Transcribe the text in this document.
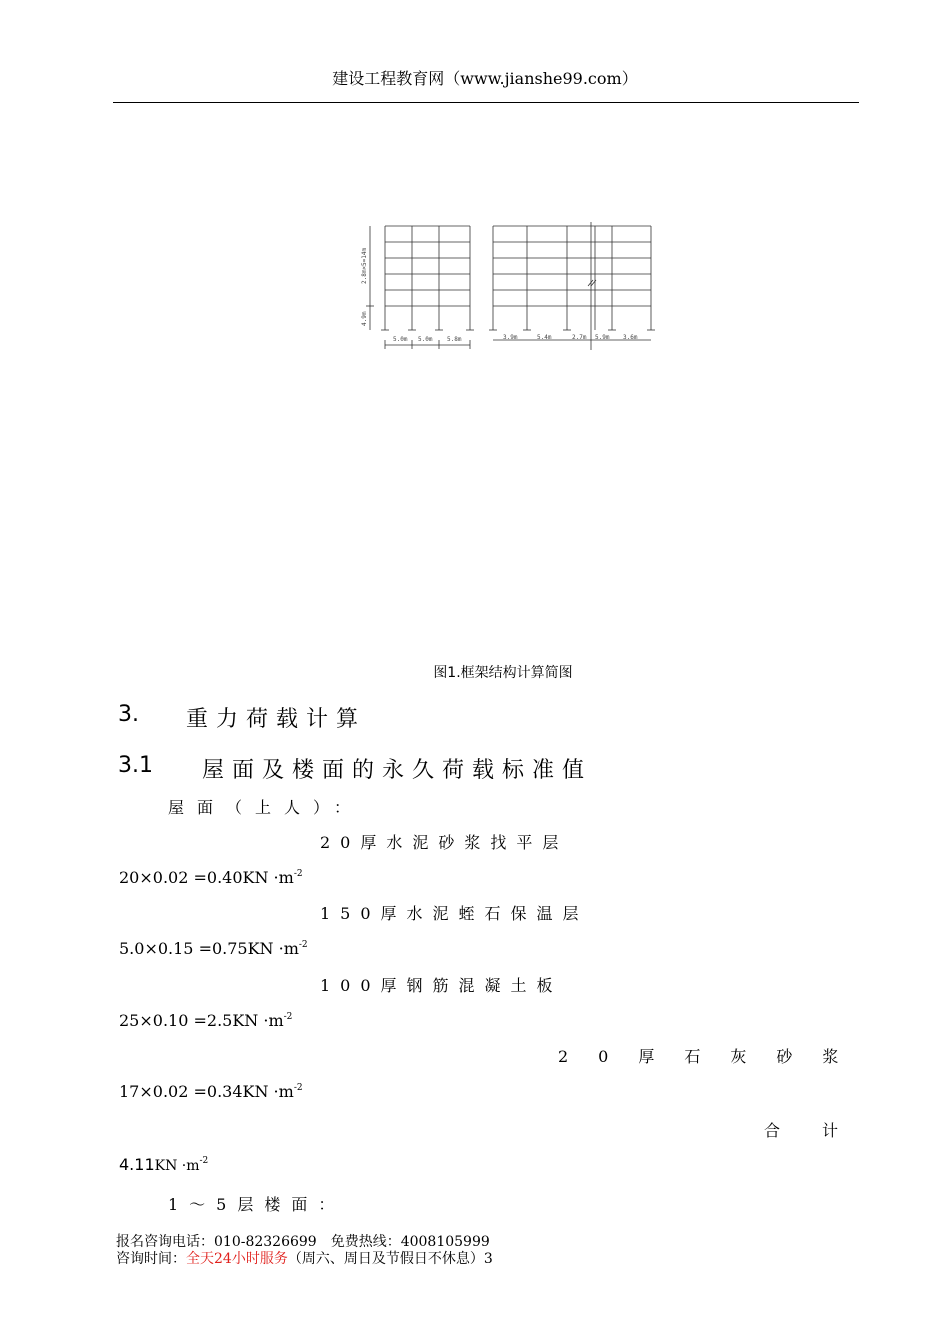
建设工程教育网（www.jianshe99.com）
2.8m×5=14m
4.9m
5.0m 5.0m 5.8m	3.9m	5.4m	2.7m 5.9m 3.6m
图1.框架结构计算简图
3. 重力荷载计算
3.1 屋面及楼面的永久荷载标准值
屋面（上人）：
20厚水泥砂浆找平层
$20\times 0.02 =0.40KN \cdot m^{-2}$
150厚水泥蛭石保温层
$5.0\times 0.15 =0.75KN \cdot m^{-2}$
100厚钢筋混凝土板
$25\times 0.10 =2.5KN \cdot m^{-2}$
20厚石灰砂浆
$17\times 0.02 =0.34KN \cdot m^{-2}$
合计
$4.11KN \cdot m^{-2}$
1～5层楼面：
报名咨询电话：010-82326699　免费热线：4008105999
咨询时间：全天24小时服务（周六、周日及节假日不休息）3
